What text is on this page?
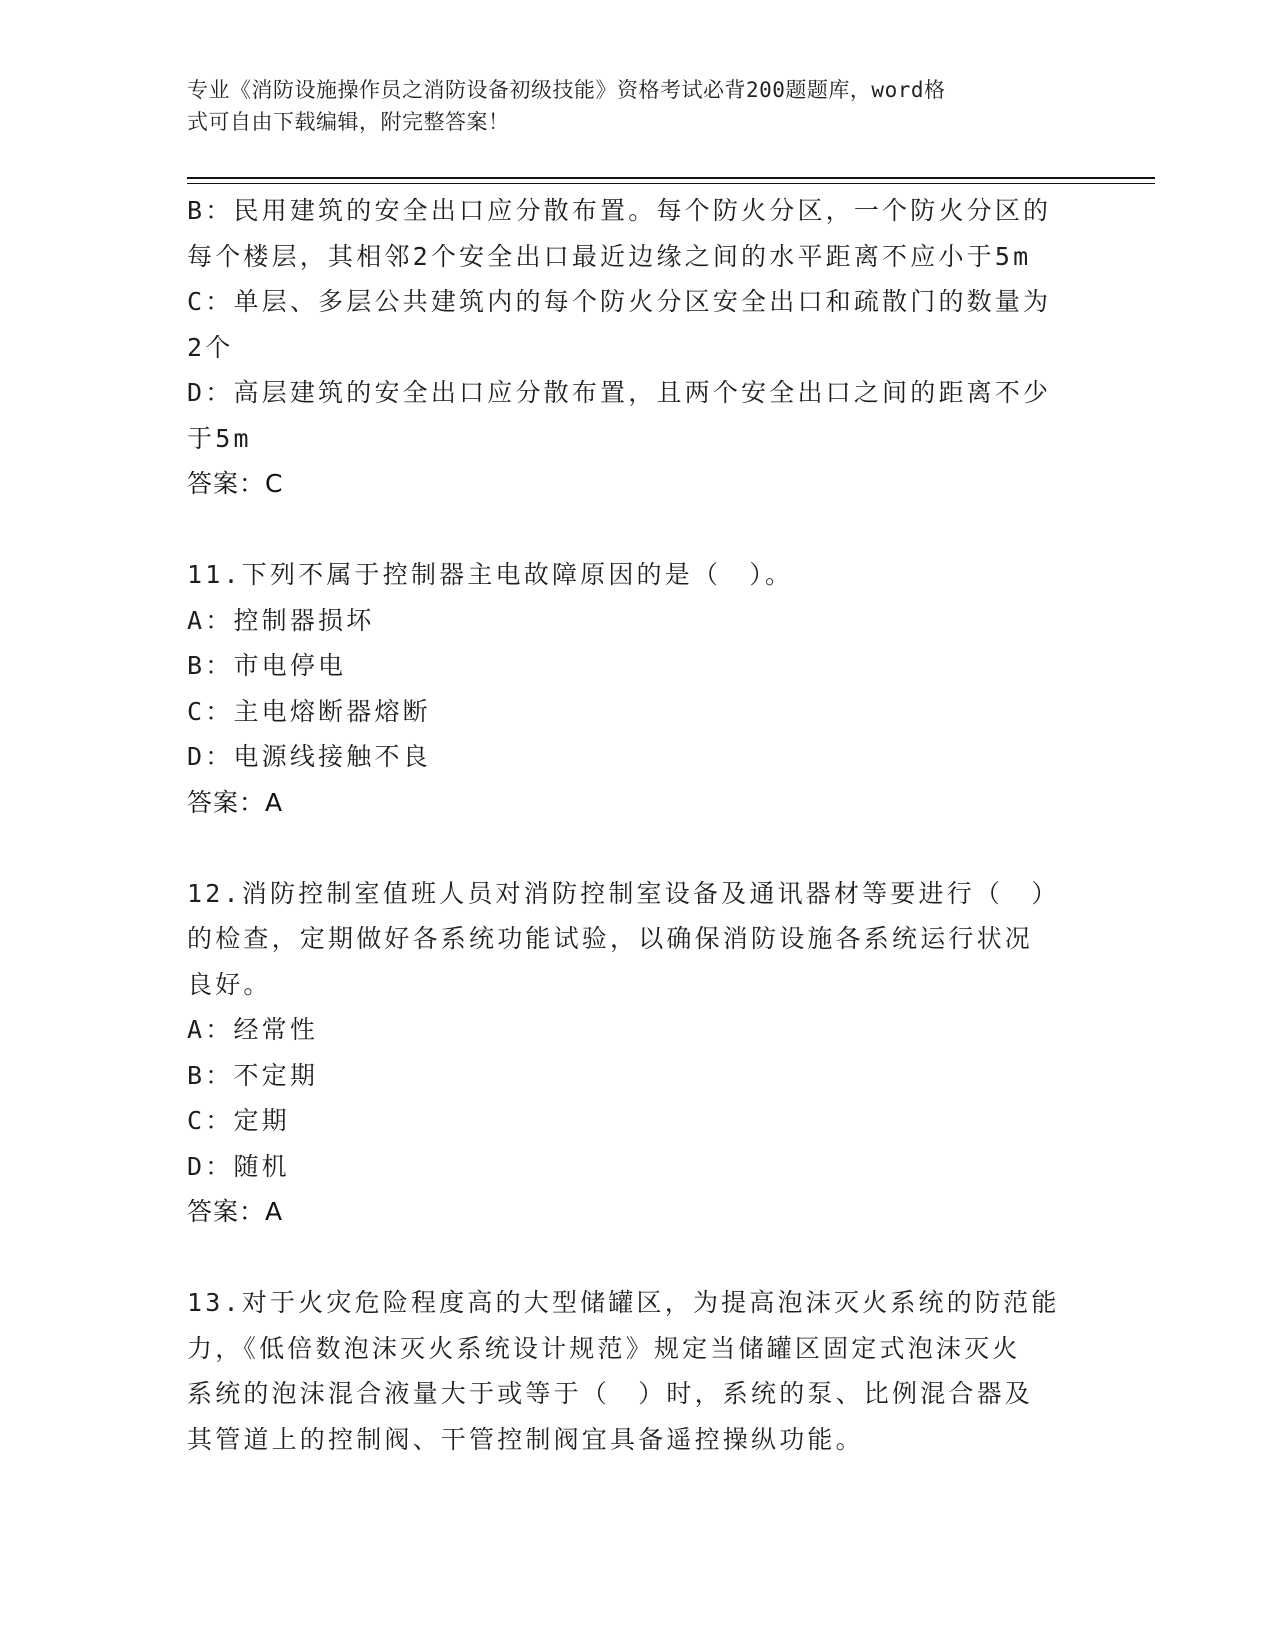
专业《消防设施操作员之消防设备初级技能》资格考试必背200题题库，word格
式可自由下载编辑，附完整答案！
B：民用建筑的安全出口应分散布置。每个防火分区，一个防火分区的
每个楼层，其相邻2个安全出口最近边缘之间的水平距离不应小于5m
C：单层、多层公共建筑内的每个防火分区安全出口和疏散门的数量为
2个
D：高层建筑的安全出口应分散布置，且两个安全出口之间的距离不少
于5m
答案：C
11.下列不属于控制器主电故障原因的是（　）。
A：控制器损坏
B：市电停电
C：主电熔断器熔断
D：电源线接触不良
答案：A
12.消防控制室值班人员对消防控制室设备及通讯器材等要进行（　）
的检查，定期做好各系统功能试验，以确保消防设施各系统运行状况
良好。
A：经常性
B：不定期
C：定期
D：随机
答案：A
13.对于火灾危险程度高的大型储罐区，为提高泡沫灭火系统的防范能
力，《低倍数泡沫灭火系统设计规范》规定当储罐区固定式泡沫灭火
系统的泡沫混合液量大于或等于（　）时，系统的泵、比例混合器及
其管道上的控制阀、干管控制阀宜具备遥控操纵功能。
